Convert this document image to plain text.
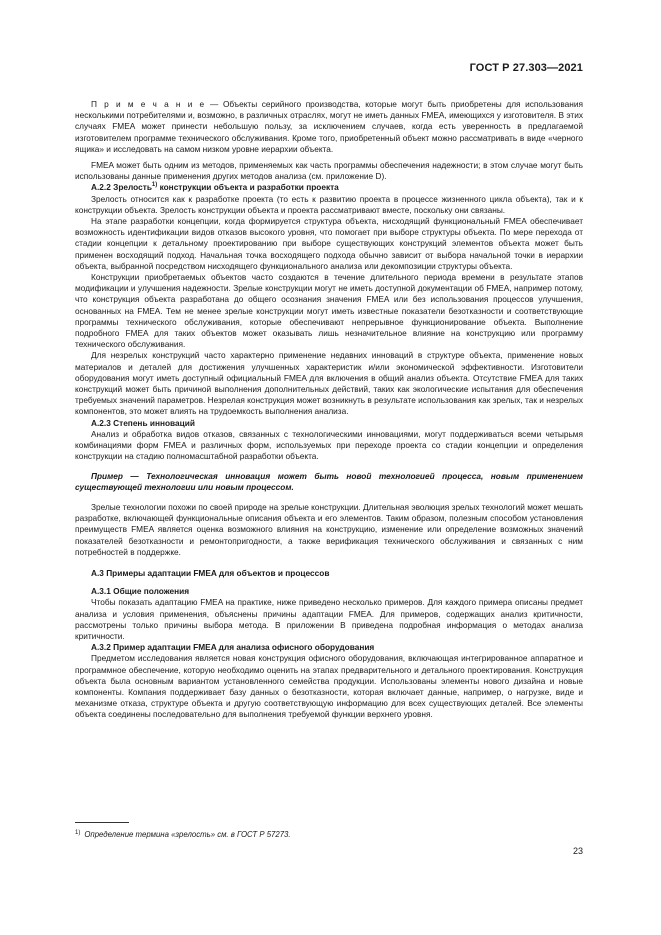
ГОСТ Р 27.303—2021

П р и м е ч а н и е — Объекты серийного производства, которые могут быть приобретены для использования несколькими потребителями и, возможно, в различных отраслях, могут не иметь данных FMEA, имеющихся у изготовителя. В этих случаях FMEA может принести небольшую пользу, за исключением случаев, когда есть уверенность в предлагаемой изготовителем программе технического обслуживания. Кроме того, приобретенный объект можно рассматривать в виде «черного ящика» и исследовать на самом низком уровне иерархии объекта.

FMEA может быть одним из методов, применяемых как часть программы обеспечения надежности; в этом случае могут быть использованы данные применения других методов анализа (см. приложение D).

А.2.2 Зрелость$^{1)}$ конструкции объекта и разработки проекта

Зрелость относится как к разработке проекта (то есть к развитию проекта в процессе жизненного цикла объекта), так и к конструкции объекта. Зрелость конструкции объекта и проекта рассматривают вместе, поскольку они связаны.

На этапе разработки концепции, когда формируется структура объекта, нисходящий функциональный FMEA обеспечивает возможность идентификации видов отказов высокого уровня, что помогает при выборе структуры объекта. По мере перехода от стадии концепции к детальному проектированию при выборе существующих конструкций элементов объекта может быть применен восходящий подход. Начальная точка восходящего подхода обычно зависит от выбора начальной точки в иерархии объекта, выбранной посредством нисходящего функционального анализа или декомпозиции структуры объекта.

Конструкции приобретаемых объектов часто создаются в течение длительного периода времени в результате этапов модификации и улучшения надежности. Зрелые конструкции могут не иметь доступной документации об FMEA, например потому, что конструкция объекта разработана до общего осознания значения FMEA или без использования процессов улучшения, основанных на FMEA. Тем не менее зрелые конструкции могут иметь известные показатели безотказности и соответствующие программы технического обслуживания, которые обеспечивают непрерывное функционирование объекта. Выполнение подробного FMEA для таких объектов может оказывать лишь незначительное влияние на конструкцию или программу технического обслуживания.

Для незрелых конструкций часто характерно применение недавних инноваций в структуре объекта, применение новых материалов и деталей для достижения улучшенных характеристик и/или экономической эффективности. Изготовители оборудования могут иметь доступный официальный FMEA для включения в общий анализ объекта. Отсутствие FMEA для таких конструкций может быть причиной выполнения дополнительных действий, таких как экологические испытания для обеспечения требуемых значений параметров. Незрелая конструкция может возникнуть в результате использования как зрелых, так и незрелых компонентов, это может влиять на трудоемкость выполнения анализа.

А.2.3 Степень инноваций

Анализ и обработка видов отказов, связанных с технологическими инновациями, могут поддерживаться всеми четырьмя комбинациями форм FMEA и различных форм, используемых при переходе проекта со стадии концепции и определения конструкции на стадию полномасштабной разработки объекта.

Пример — Технологическая инновация может быть новой технологией процесса, новым применением существующей технологии или новым процессом.

Зрелые технологии похожи по своей природе на зрелые конструкции. Длительная эволюция зрелых технологий может мешать разработке, включающей функциональные описания объекта и его элементов. Таким образом, полезным способом установления преимуществ FMEA является оценка возможного влияния на конструкцию, изменение или определение возможных значений показателей безотказности и ремонтопригодности, а также верификация технического обслуживания и связанных с ним потребностей в поддержке.

А.3 Примеры адаптации FMEA для объектов и процессов
А.3.1 Общие положения

Чтобы показать адаптацию FMEA на практике, ниже приведено несколько примеров. Для каждого примера описаны предмет анализа и условия применения, объяснены причины адаптации FMEA. Для примеров, содержащих анализ критичности, рассмотрены только причины выбора метода. В приложении В приведена подробная информация о методах анализа критичности.

А.3.2 Пример адаптации FMEA для анализа офисного оборудования

Предметом исследования является новая конструкция офисного оборудования, включающая интегрированное аппаратное и программное обеспечение, которую необходимо оценить на этапах предварительного и детального проектирования. Конструкция объекта была основным вариантом установленного семейства продукции. Использованы элементы нового дизайна и новые компоненты. Компания поддерживает базу данных о безотказности, которая включает данные, например, о нагрузке, виде и механизме отказа, структуре объекта и другую соответствующую информацию для всех существующих деталей. Все элементы объекта соединены последовательно для выполнения требуемой функции верхнего уровня.

$^{1)}$ Определение термина «зрелость» см. в ГОСТ Р 57273.
23
